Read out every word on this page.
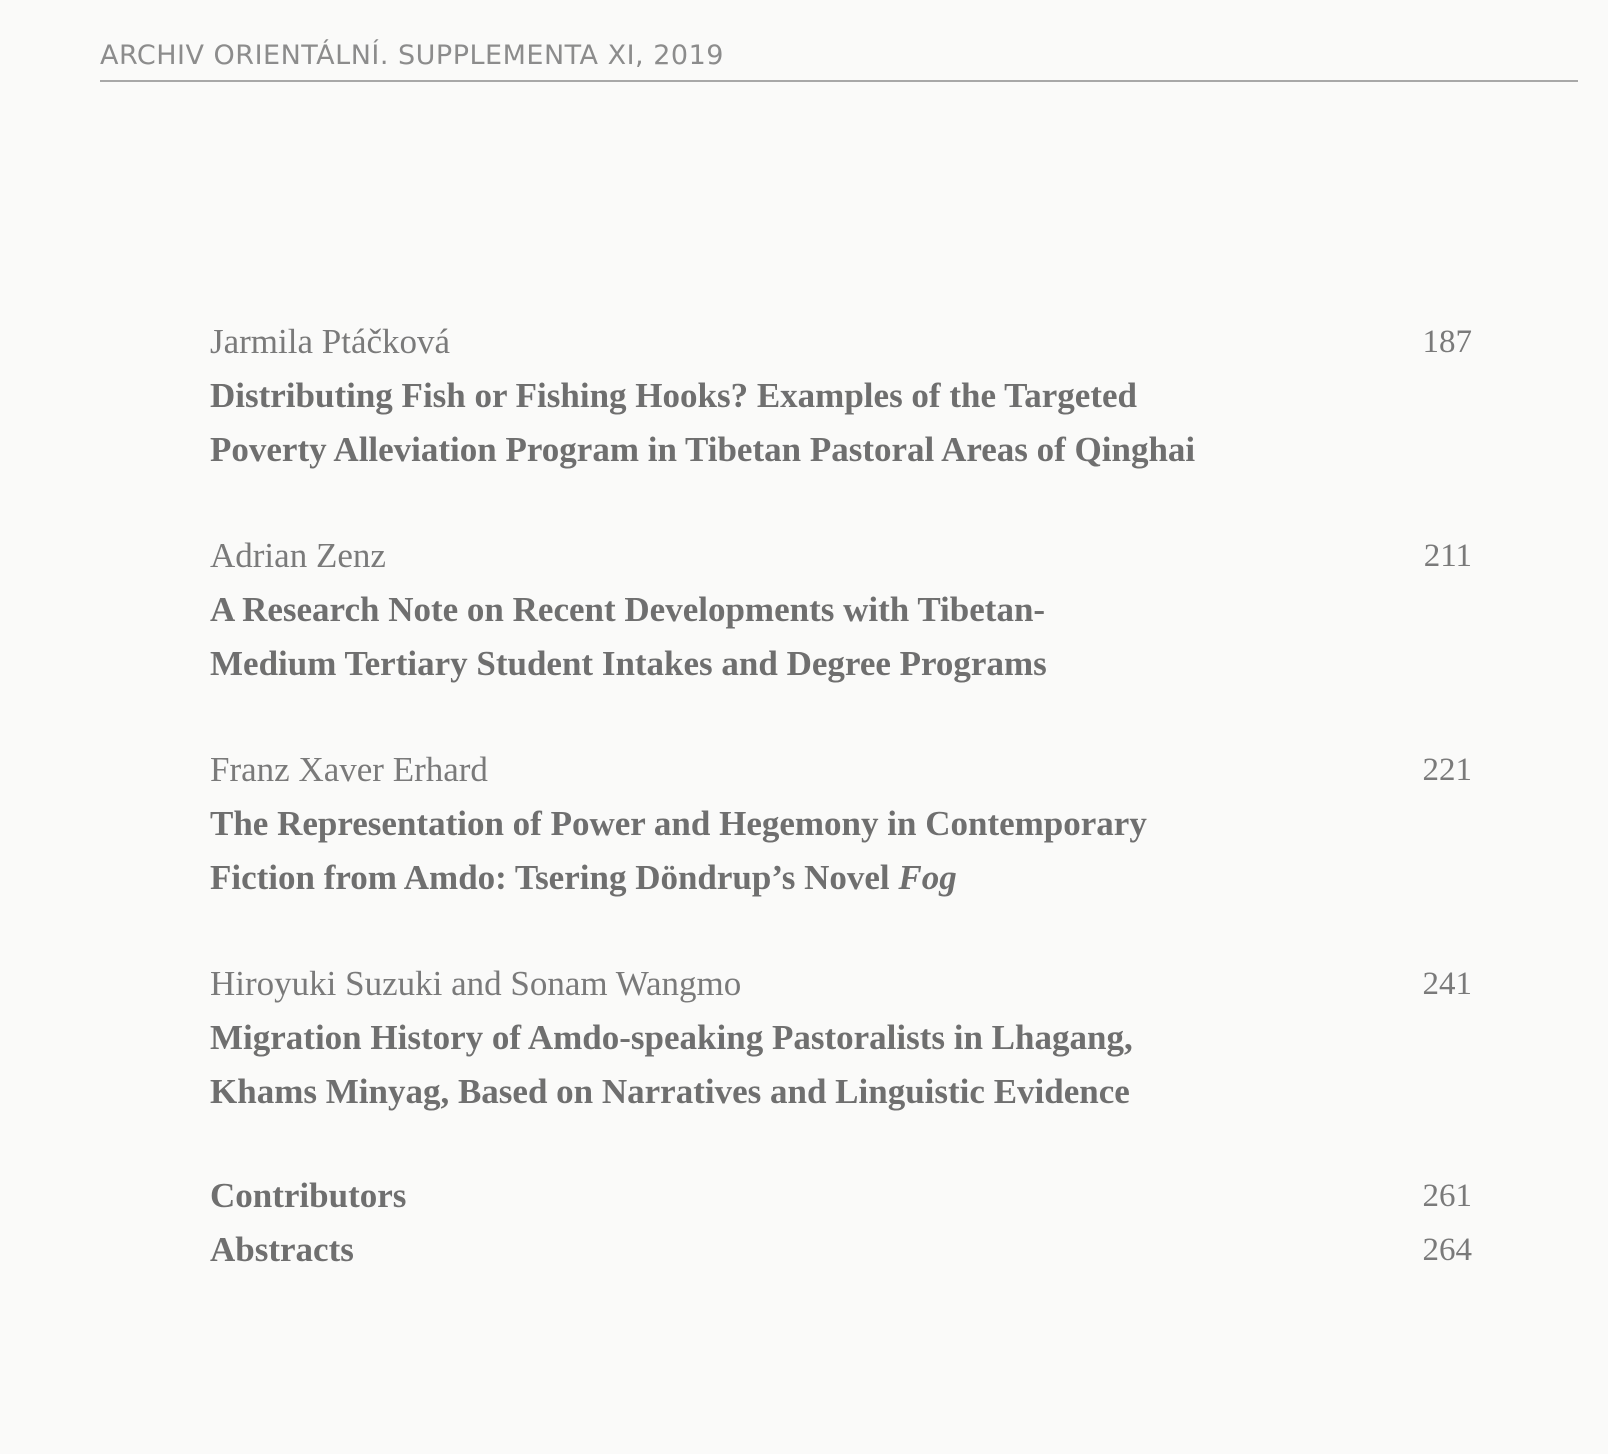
ARCHIV ORIENTÁLNÍ. SUPPLEMENTA XI, 2019
Jarmila Ptáčková
Distributing Fish or Fishing Hooks? Examples of the Targeted
Poverty Alleviation Program in Tibetan Pastoral Areas of Qinghai
187
Adrian Zenz
A Research Note on Recent Developments with Tibetan-
Medium Tertiary Student Intakes and Degree Programs
211
Franz Xaver Erhard
The Representation of Power and Hegemony in Contemporary
Fiction from Amdo: Tsering Döndrup’s Novel Fog
221
Hiroyuki Suzuki and Sonam Wangmo
Migration History of Amdo-speaking Pastoralists in Lhagang,
Khams Minyag, Based on Narratives and Linguistic Evidence
241
Contributors	261
Abstracts	264
